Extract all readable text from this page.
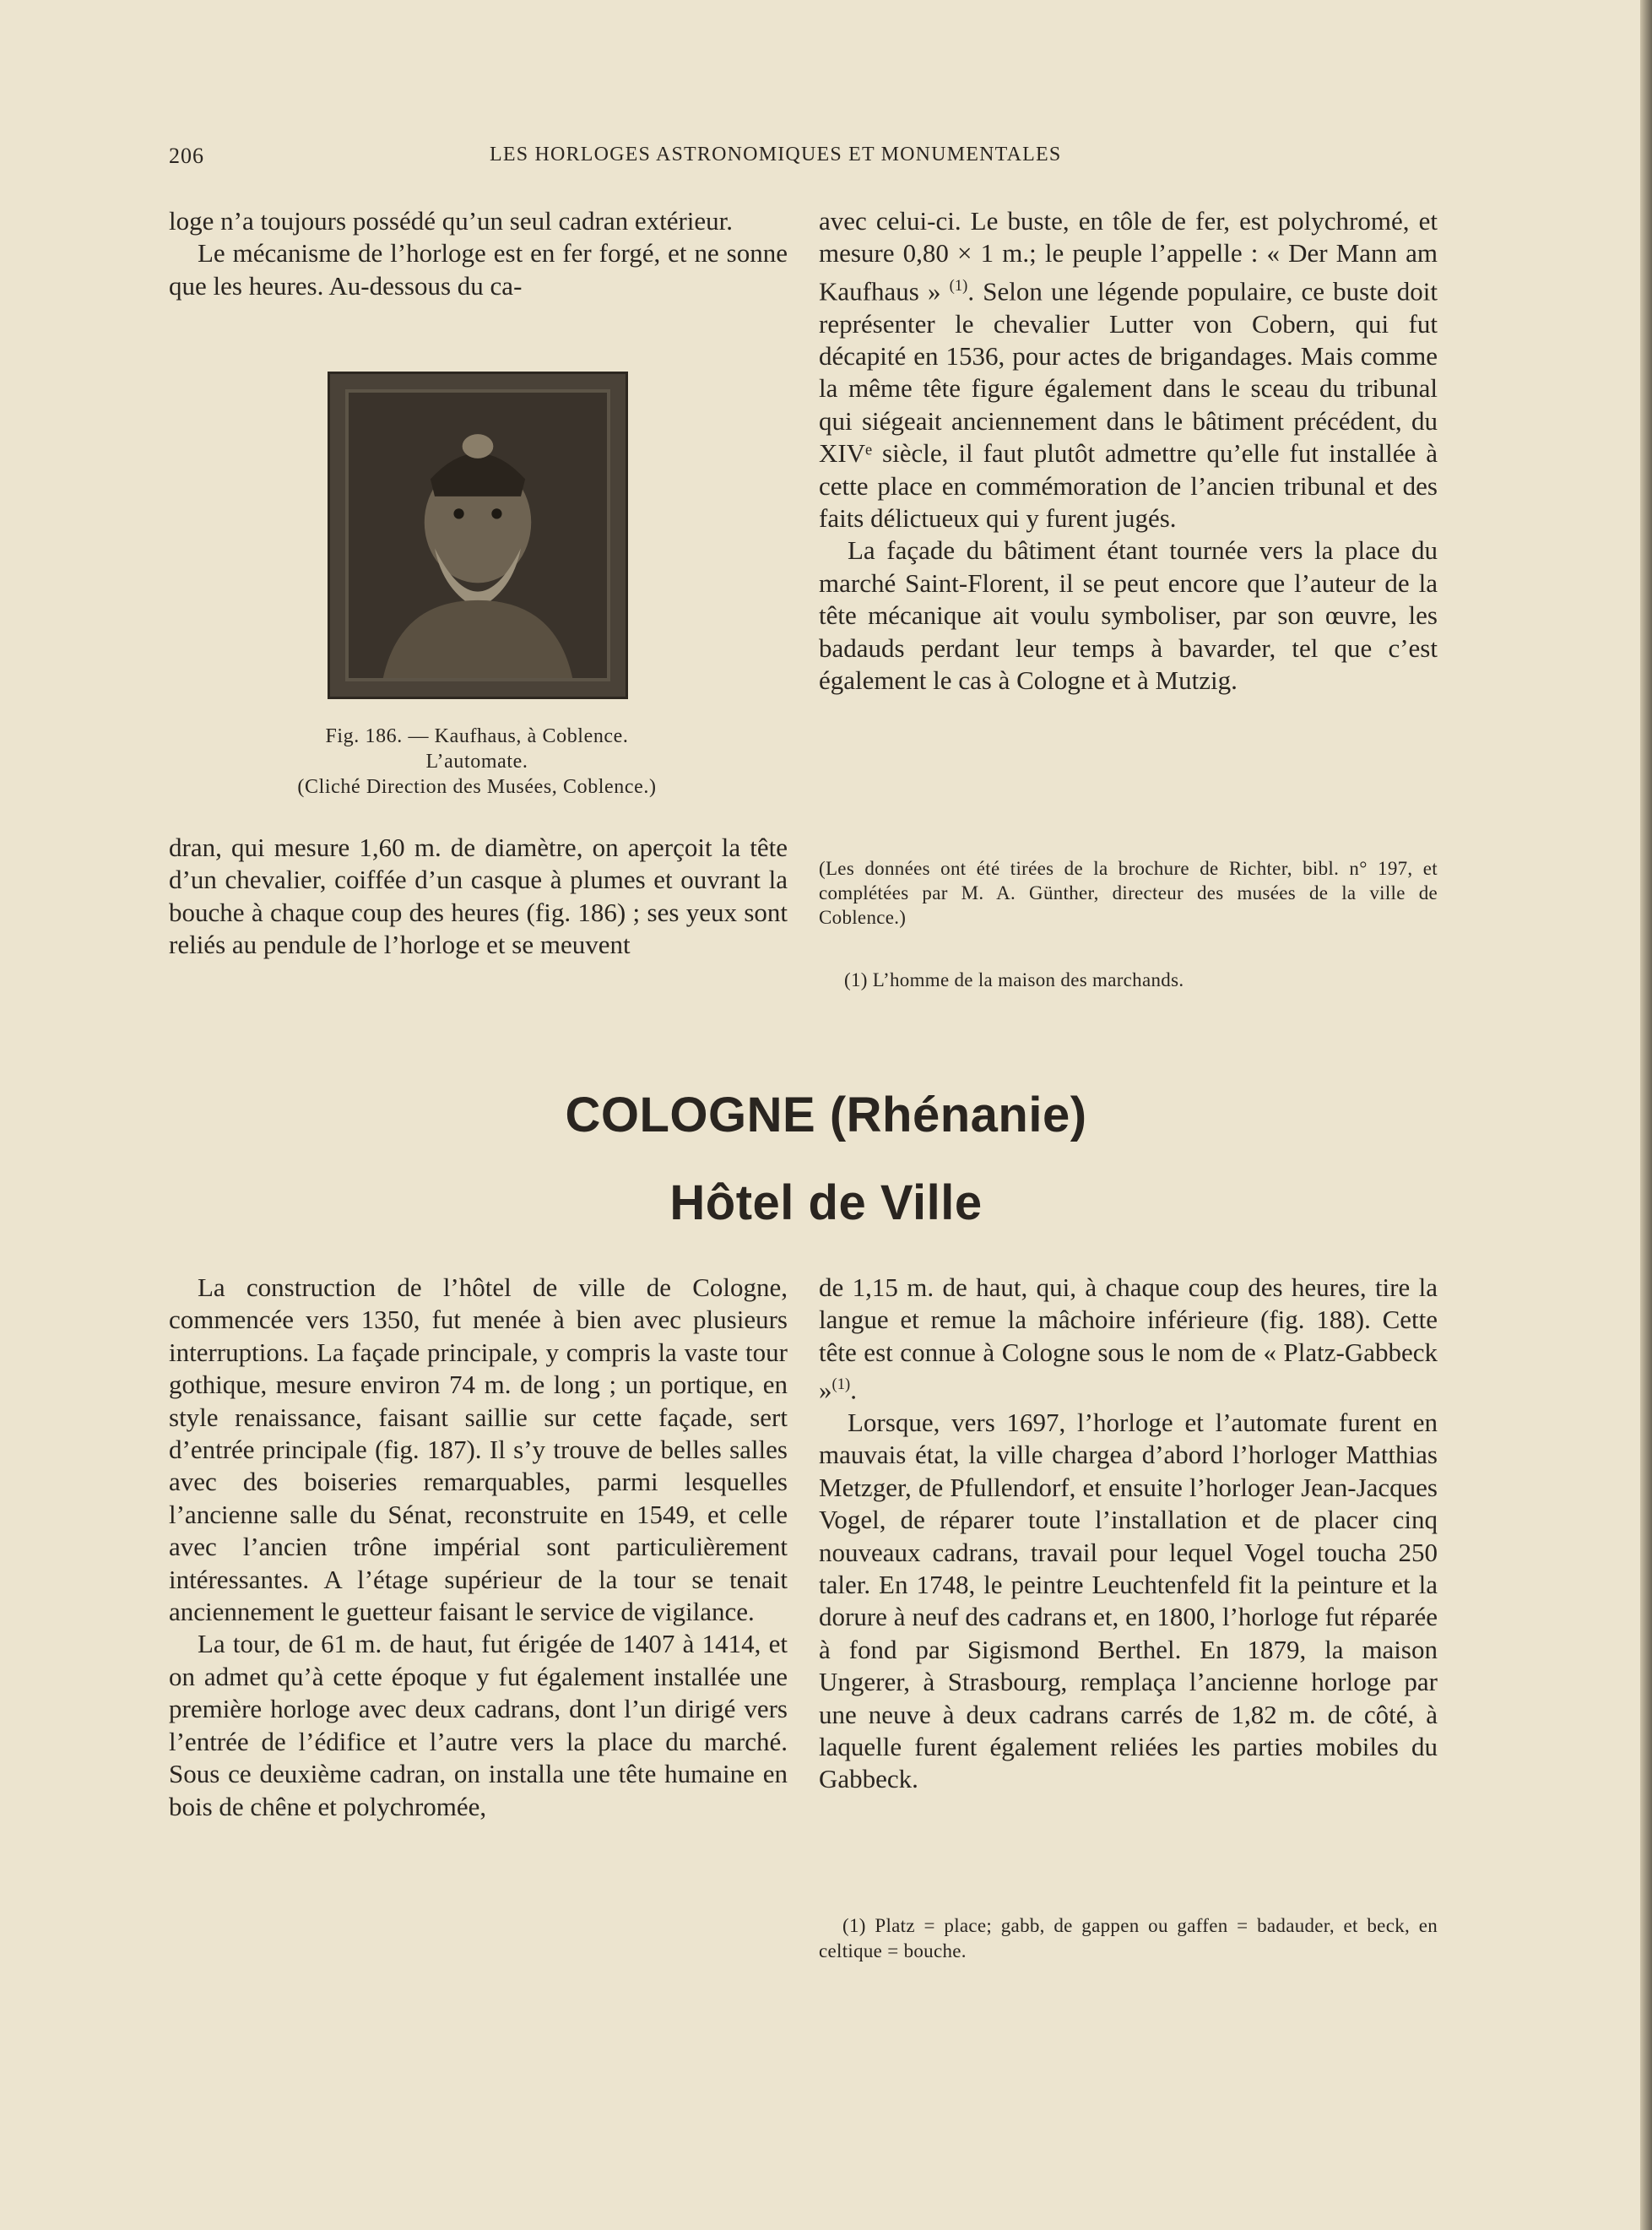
206	LES HORLOGES ASTRONOMIQUES ET MONUMENTALES

loge n’a toujours possédé qu’un seul cadran extérieur.

Le mécanisme de l’horloge est en fer forgé, et ne sonne que les heures. Au-dessous du ca-

Fig. 186. — Kaufhaus, à Coblence.
L’automate.
(Cliché Direction des Musées, Coblence.)

dran, qui mesure 1,60 m. de diamètre, on aperçoit la tête d’un chevalier, coiffée d’un casque à plumes et ouvrant la bouche à chaque coup des heures (fig. 186) ; ses yeux sont reliés au pendule de l’horloge et se meuvent

avec celui-ci. Le buste, en tôle de fer, est polychromé, et mesure 0,80 × 1 m.; le peuple l’appelle : « Der Mann am Kaufhaus » $^{(1)}$. Selon une légende populaire, ce buste doit représenter le chevalier Lutter von Cobern, qui fut décapité en 1536, pour actes de brigandages. Mais comme la même tête figure également dans le sceau du tribunal qui siégeait anciennement dans le bâtiment précédent, du XIVᵉ siècle, il faut plutôt admettre qu’elle fut installée à cette place en commémoration de l’ancien tribunal et des faits délictueux qui y furent jugés.

La façade du bâtiment étant tournée vers la place du marché Saint-Florent, il se peut encore que l’auteur de la tête mécanique ait voulu symboliser, par son œuvre, les badauds perdant leur temps à bavarder, tel que c’est également le cas à Cologne et à Mutzig.

(Les données ont été tirées de la brochure de Richter, bibl. n° 197, et complétées par M. A. Günther, directeur des musées de la ville de Coblence.)
(1) L’homme de la maison des marchands.
COLOGNE (Rhénanie)
Hôtel de Ville

La construction de l’hôtel de ville de Cologne, commencée vers 1350, fut menée à bien avec plusieurs interruptions. La façade principale, y compris la vaste tour gothique, mesure environ 74 m. de long ; un portique, en style renaissance, faisant saillie sur cette façade, sert d’entrée principale (fig. 187). Il s’y trouve de belles salles avec des boiseries remarquables, parmi lesquelles l’ancienne salle du Sénat, reconstruite en 1549, et celle avec l’ancien trône impérial sont particulièrement intéressantes. A l’étage supérieur de la tour se tenait anciennement le guetteur faisant le service de vigilance.

La tour, de 61 m. de haut, fut érigée de 1407 à 1414, et on admet qu’à cette époque y fut également installée une première horloge avec deux cadrans, dont l’un dirigé vers l’entrée de l’édifice et l’autre vers la place du marché. Sous ce deuxième cadran, on installa une tête humaine en bois de chêne et polychromée,

de 1,15 m. de haut, qui, à chaque coup des heures, tire la langue et remue la mâchoire inférieure (fig. 188). Cette tête est connue à Cologne sous le nom de « Platz-Gabbeck »$^{(1)}$.

Lorsque, vers 1697, l’horloge et l’automate furent en mauvais état, la ville chargea d’abord l’horloger Matthias Metzger, de Pfullendorf, et ensuite l’horloger Jean-Jacques Vogel, de réparer toute l’installation et de placer cinq nouveaux cadrans, travail pour lequel Vogel toucha 250 taler. En 1748, le peintre Leuchtenfeld fit la peinture et la dorure à neuf des cadrans et, en 1800, l’horloge fut réparée à fond par Sigismond Berthel. En 1879, la maison Ungerer, à Strasbourg, remplaça l’ancienne horloge par une neuve à deux cadrans carrés de 1,82 m. de côté, à laquelle furent également reliées les parties mobiles du Gabbeck.

(1) Platz = place; gabb, de gappen ou gaffen = badauder, et beck, en celtique = bouche.
